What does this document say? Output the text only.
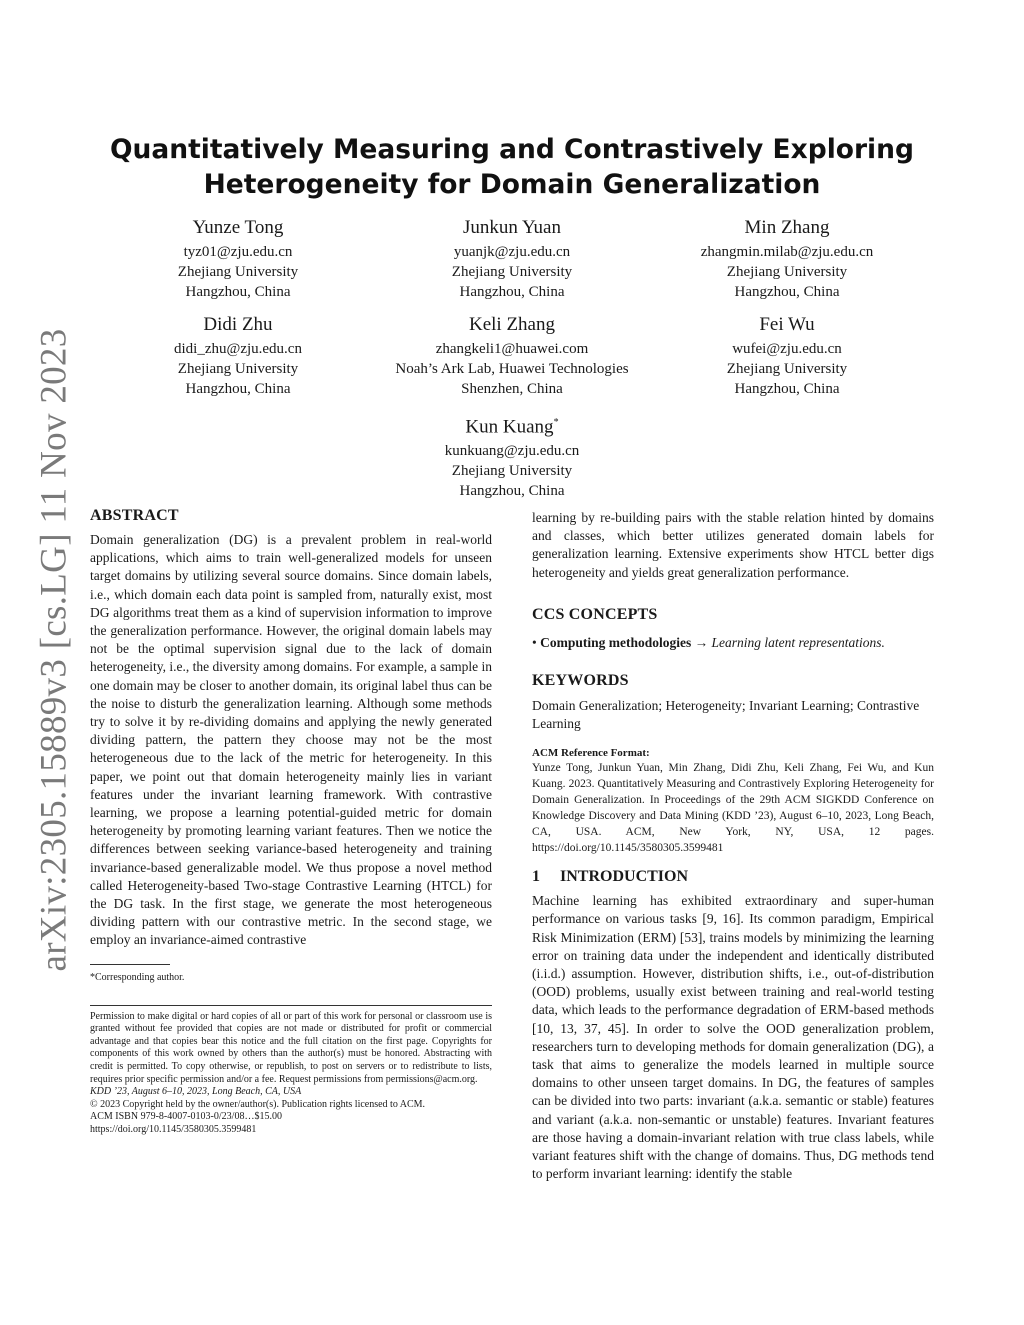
arXiv:2305.15889v3 [cs.LG] 11 Nov 2023
Quantitatively Measuring and Contrastively Exploring
Heterogeneity for Domain Generalization
Yunze Tong
tyz01@zju.edu.cn
Zhejiang University
Hangzhou, China
Junkun Yuan
yuanjk@zju.edu.cn
Zhejiang University
Hangzhou, China
Min Zhang
zhangmin.milab@zju.edu.cn
Zhejiang University
Hangzhou, China
Didi Zhu
didi_zhu@zju.edu.cn
Zhejiang University
Hangzhou, China
Keli Zhang
zhangkeli1@huawei.com
Noah’s Ark Lab, Huawei Technologies
Shenzhen, China
Fei Wu
wufei@zju.edu.cn
Zhejiang University
Hangzhou, China
Kun Kuang*
kunkuang@zju.edu.cn
Zhejiang University
Hangzhou, China
ABSTRACT

Domain generalization (DG) is a prevalent problem in real-world applications, which aims to train well-generalized models for unseen target domains by utilizing several source domains. Since domain labels, i.e., which domain each data point is sampled from, naturally exist, most DG algorithms treat them as a kind of supervision information to improve the generalization performance. However, the original domain labels may not be the optimal supervision signal due to the lack of domain heterogeneity, i.e., the diversity among domains. For example, a sample in one domain may be closer to another domain, its original label thus can be the noise to disturb the generalization learning. Although some methods try to solve it by re-dividing domains and applying the newly generated dividing pattern, the pattern they choose may not be the most heterogeneous due to the lack of the metric for heterogeneity. In this paper, we point out that domain heterogeneity mainly lies in variant features under the invariant learning framework. With contrastive learning, we propose a learning potential-guided metric for domain heterogeneity by promoting learning variant features. Then we notice the differences between seeking variance-based heterogeneity and training invariance-based generalizable model. We thus propose a novel method called Heterogeneity-based Two-stage Contrastive Learning (HTCL) for the DG task. In the first stage, we generate the most heterogeneous dividing pattern with our contrastive metric. In the second stage, we employ an invariance-aimed contrastive

*Corresponding author.

Permission to make digital or hard copies of all or part of this work for personal or classroom use is granted without fee provided that copies are not made or distributed for profit or commercial advantage and that copies bear this notice and the full citation on the first page. Copyrights for components of this work owned by others than the author(s) must be honored. Abstracting with credit is permitted. To copy otherwise, or republish, to post on servers or to redistribute to lists, requires prior specific permission and/or a fee. Request permissions from permissions@acm.org.

KDD ’23, August 6–10, 2023, Long Beach, CA, USA

© 2023 Copyright held by the owner/author(s). Publication rights licensed to ACM.

ACM ISBN 979-8-4007-0103-0/23/08…$15.00

https://doi.org/10.1145/3580305.3599481

learning by re-building pairs with the stable relation hinted by domains and classes, which better utilizes generated domain labels for generalization learning. Extensive experiments show HTCL better digs heterogeneity and yields great generalization performance.

CCS CONCEPTS

• Computing methodologies → Learning latent representations.

KEYWORDS

Domain Generalization; Heterogeneity; Invariant Learning; Contrastive Learning

ACM Reference Format:

Yunze Tong, Junkun Yuan, Min Zhang, Didi Zhu, Keli Zhang, Fei Wu, and Kun Kuang. 2023. Quantitatively Measuring and Contrastively Exploring Heterogeneity for Domain Generalization. In Proceedings of the 29th ACM SIGKDD Conference on Knowledge Discovery and Data Mining (KDD ’23), August 6–10, 2023, Long Beach, CA, USA. ACM, New York, NY, USA, 12 pages. https://doi.org/10.1145/3580305.3599481

1 INTRODUCTION

Machine learning has exhibited extraordinary and super-human performance on various tasks [9, 16]. Its common paradigm, Empirical Risk Minimization (ERM) [53], trains models by minimizing the learning error on training data under the independent and identically distributed (i.i.d.) assumption. However, distribution shifts, i.e., out-of-distribution (OOD) problems, usually exist between training and real-world testing data, which leads to the performance degradation of ERM-based methods [10, 13, 37, 45]. In order to solve the OOD generalization problem, researchers turn to developing methods for domain generalization (DG), a task that aims to generalize the models learned in multiple source domains to other unseen target domains. In DG, the features of samples can be divided into two parts: invariant (a.k.a. semantic or stable) features and variant (a.k.a. non-semantic or unstable) features. Invariant features are those having a domain-invariant relation with true class labels, while variant features shift with the change of domains. Thus, DG methods tend to perform invariant learning: identify the stable
